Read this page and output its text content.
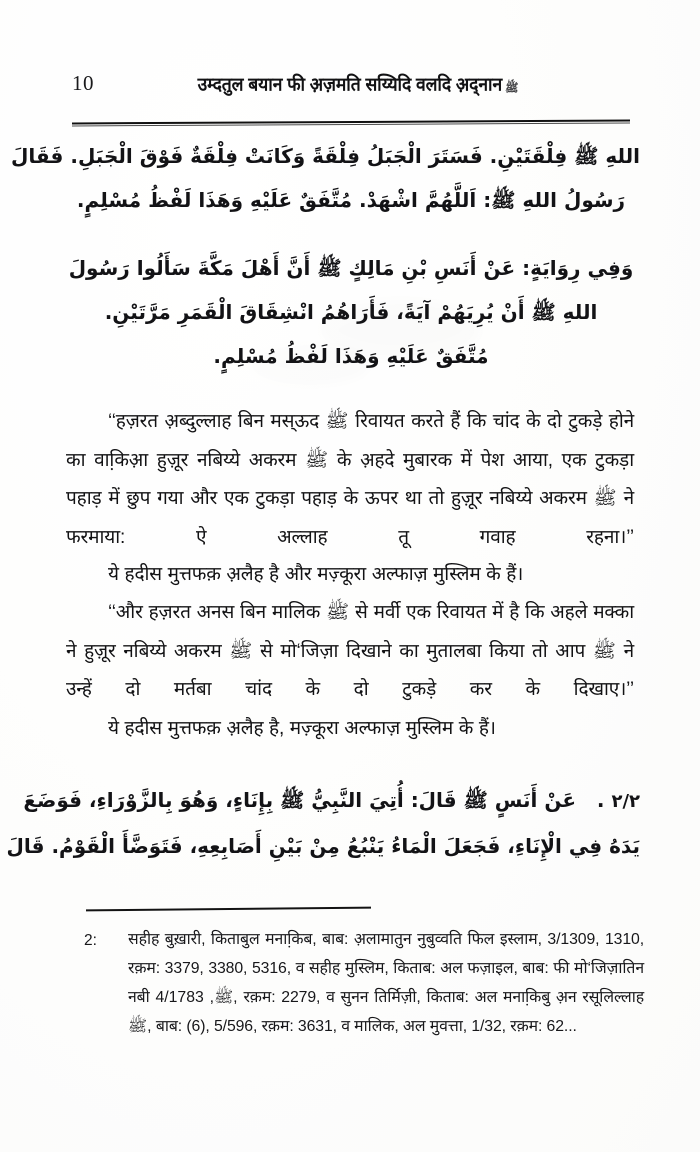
10	उम्दतुल बयान फी अ़ज़मति सय्यिदि वलदि अ़द्नान ﷺ
اللهِ ﷺ فِلْقَتَيْنِ. فَسَتَرَ الْجَبَلُ فِلْقَةً وَكَانَتْ فِلْقَةٌ فَوْقَ الْجَبَلِ. فَقَالَ
رَسُولُ اللهِ ﷺ: اَللَّهُمَّ اشْهَدْ. مُتَّفَقٌ عَلَيْهِ وَهَذَا لَفْظُ مُسْلِمٍ.
وَفِي رِوَايَةٍ: عَنْ أَنَسِ بْنِ مَالِكٍ ﷺ أَنَّ أَهْلَ مَكَّةَ سَأَلُوا رَسُولَ
اللهِ ﷺ أَنْ يُرِيَهُمْ آيَةً، فَأَرَاهُمُ انْشِقَاقَ الْقَمَرِ مَرَّتَيْنِ.
مُتَّفَقٌ عَلَيْهِ وَهَذَا لَفْظُ مُسْلِمٍ.

‘‘हज़रत अ़ब्दुल्लाह बिन मस्ऊद ﷺ रिवायत करते हैं कि चांद के दो टुकड़े होने का वाकि़आ़ हुज़ूर नबिय्ये अकरम ﷺ के अ़हदे मुबारक में पेश आया, एक टुकड़ा पहाड़ में छुप गया और एक टुकड़ा पहाड़ के ऊपर था तो हुज़ूर नबिय्ये अकरम ﷺ ने फरमाया: ऐ अल्लाह तू गवाह रहना।’’

ये हदीस मुत्तफक़ अ़लैह है और मज़्कूरा अल्फाज़ मुस्लिम के हैं।

‘‘और हज़रत अनस बिन मालिक ﷺ से मर्वी एक रिवायत में है कि अहले मक्का ने हुज़ूर नबिय्ये अकरम ﷺ से मो‘जिज़ा दिखाने का मुतालबा किया तो आप ﷺ ने उन्हें दो मर्तबा चांद के दो टुकड़े कर के दिखाए।’’

ये हदीस मुत्तफक़ अ़लैह है, मज़्कूरा अल्फाज़ मुस्लिम के हैं।

٢/٢ .   عَنْ أَنَسٍ ﷺ قَالَ: أُتِيَ النَّبِيُّ ﷺ بِإِنَاءٍ، وَهُوَ بِالزَّوْرَاءِ، فَوَضَعَ
يَدَهُ فِي الْإِنَاءِ، فَجَعَلَ الْمَاءُ يَنْبُعُ مِنْ بَيْنِ أَصَابِعِهِ، فَتَوَضَّأَ الْقَوْمُ. قَالَ
2:	सहीह बुख़ारी, किताबुल मनाकि़ब, बाब: अ़लामातुन नुबुव्वति फिल इस्लाम, 3/1309, 1310, रक़म: 3379, 3380, 5316, व सहीह मुस्लिम, किताब: अल फज़ाइल, बाब: फी मो‘जिज़ातिन नबी ﷺ, 4/1783, रक़म: 2279, व सुनन तिर्मिज़ी, किताब: अल मनाकि़बु अ़न रसूलिल्लाह ﷺ, बाब: (6), 5/596, रक़म: 3631, व मालिक, अल मुवत्ता, 1/32, रक़म: 62...
